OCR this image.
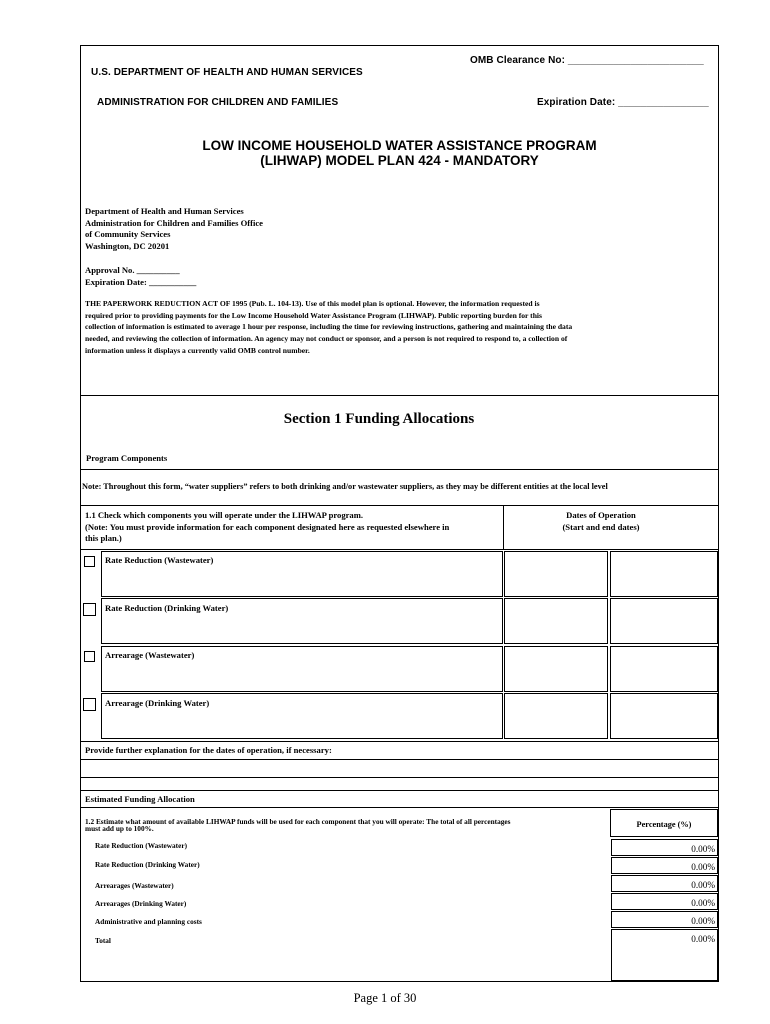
OMB Clearance No: ________________________
U.S. DEPARTMENT OF HEALTH AND HUMAN SERVICES
ADMINISTRATION FOR CHILDREN AND FAMILIES	Expiration Date: ________________
LOW INCOME HOUSEHOLD WATER ASSISTANCE PROGRAM
(LIHWAP) MODEL PLAN 424 - MANDATORY
Department of Health and Human Services
Administration for Children and Families Office
of Community Services
Washington, DC 20201
Approval No. __________
Expiration Date: ___________
THE PAPERWORK REDUCTION ACT OF 1995 (Pub. L. 104-13). Use of this model plan is optional. However, the information requested is
required prior to providing payments for the Low Income Household Water Assistance Program (LIHWAP). Public reporting burden for this
collection of information is estimated to average 1 hour per response, including the time for reviewing instructions, gathering and maintaining the data
needed, and reviewing the collection of information. An agency may not conduct or sponsor, and a person is not required to respond to, a collection of
information unless it displays a currently valid OMB control number.
Section 1 Funding Allocations
Program Components
Note: Throughout this form, “water suppliers” refers to both drinking and/or wastewater suppliers, as they may be different entities at the local level
1.1 Check which components you will operate under the LIHWAP program.
(Note: You must provide information for each component designated here as requested elsewhere in
this plan.)
Dates of Operation
(Start and end dates)
Rate Reduction (Wastewater)
Rate Reduction (Drinking Water)
Arrearage (Wastewater)
Arrearage (Drinking Water)
Provide further explanation for the dates of operation, if necessary:
Estimated Funding Allocation
1.2 Estimate what amount of available LIHWAP funds will be used for each component that you will operate: The total of all percentages
must add up to 100%.	Percentage (%)
Rate Reduction (Wastewater)	0.00%
Rate Reduction (Drinking Water)	0.00%
Arrearages (Wastewater)	0.00%
Arrearages (Drinking Water)	0.00%
Administrative and planning costs	0.00%
Total	0.00%
Page 1 of 30
